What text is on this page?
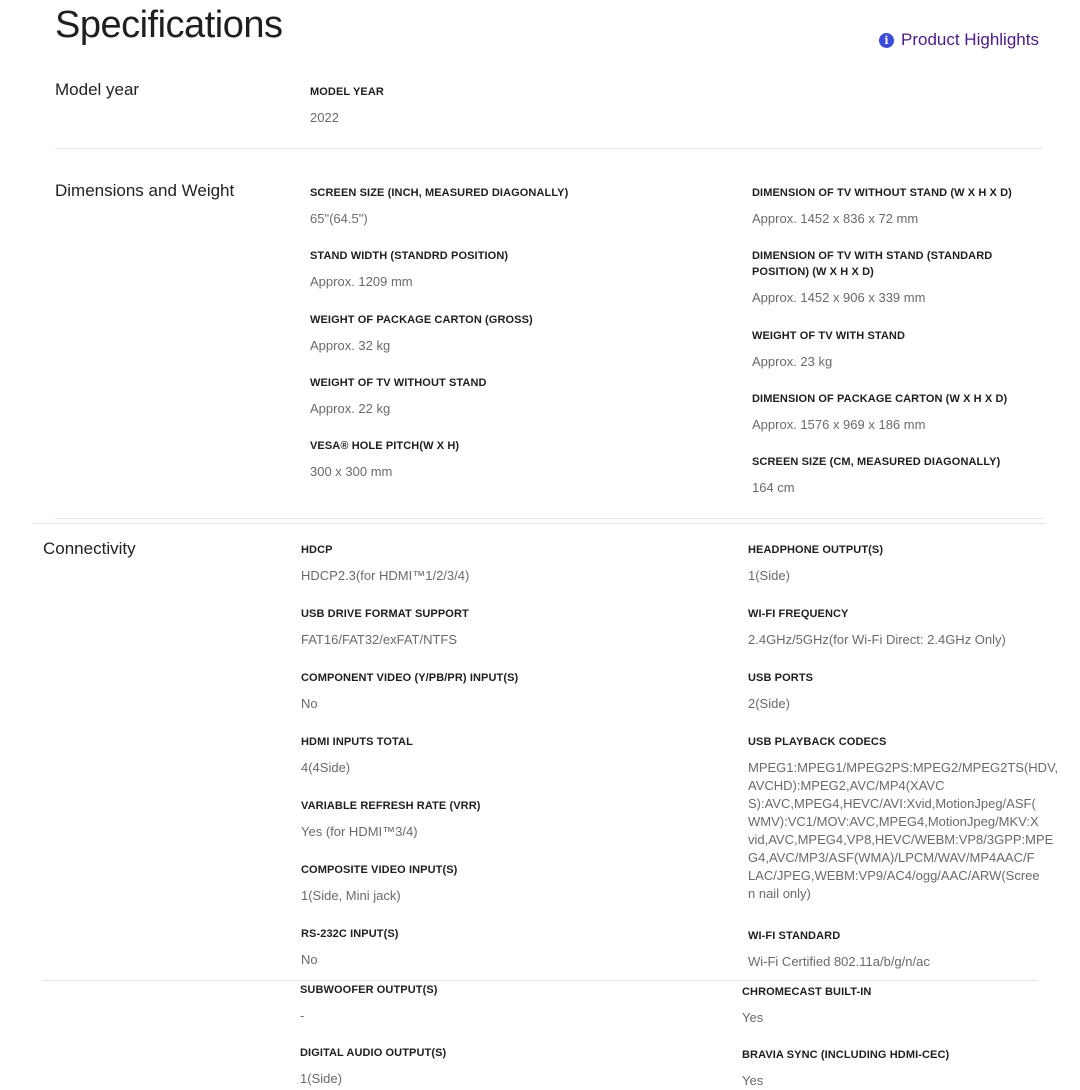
Specifications	i Product Highlights
Model year	MODEL YEAR
2022
Dimensions and Weight	SCREEN SIZE (INCH, MEASURED DIAGONALLY)
65"(64.5")
STAND WIDTH (STANDRD POSITION)
Approx. 1209 mm
WEIGHT OF PACKAGE CARTON (GROSS)
Approx. 32 kg
WEIGHT OF TV WITHOUT STAND
Approx. 22 kg
VESA® HOLE PITCH(W X H)
300 x 300 mm
DIMENSION OF TV WITHOUT STAND (W X H X D)
Approx. 1452 x 836 x 72 mm
DIMENSION OF TV WITH STAND (STANDARD POSITION) (W X H X D)
Approx. 1452 x 906 x 339 mm
WEIGHT OF TV WITH STAND
Approx. 23 kg
DIMENSION OF PACKAGE CARTON (W X H X D)
Approx. 1576 x 969 x 186 mm
SCREEN SIZE (CM, MEASURED DIAGONALLY)
164 cm
Connectivity	HDCP
HDCP2.3(for HDMI™1/2/3/4)
USB DRIVE FORMAT SUPPORT
FAT16/FAT32/exFAT/NTFS
COMPONENT VIDEO (Y/PB/PR) INPUT(S)
No
HDMI INPUTS TOTAL
4(4Side)
VARIABLE REFRESH RATE (VRR)
Yes (for HDMI™3/4)
COMPOSITE VIDEO INPUT(S)
1(Side, Mini jack)
RS-232C INPUT(S)
No
HEADPHONE OUTPUT(S)
1(Side)
WI-FI FREQUENCY
2.4GHz/5GHz(for Wi-Fi Direct: 2.4GHz Only)
USB PORTS
2(Side)
USB PLAYBACK CODECS
MPEG1:MPEG1/MPEG2PS:MPEG2/MPEG2TS(HDV,
AVCHD):MPEG2,AVC/MP4(XAVC
S):AVC,MPEG4,HEVC/AVI:Xvid,MotionJpeg/ASF(
WMV):VC1/MOV:AVC,MPEG4,MotionJpeg/MKV:X
vid,AVC,MPEG4,VP8,HEVC/WEBM:VP8/3GPP:MPE
G4,AVC/MP3/ASF(WMA)/LPCM/WAV/MP4AAC/F
LAC/JPEG,WEBM:VP9/AC4/ogg/AAC/ARW(Scree
n nail only)
WI-FI STANDARD
Wi-Fi Certified 802.11a/b/g/n/ac
SUBWOOFER OUTPUT(S)
-
DIGITAL AUDIO OUTPUT(S)
1(Side)
CHROMECAST BUILT-IN
Yes
BRAVIA SYNC (INCLUDING HDMI-CEC)
Yes
